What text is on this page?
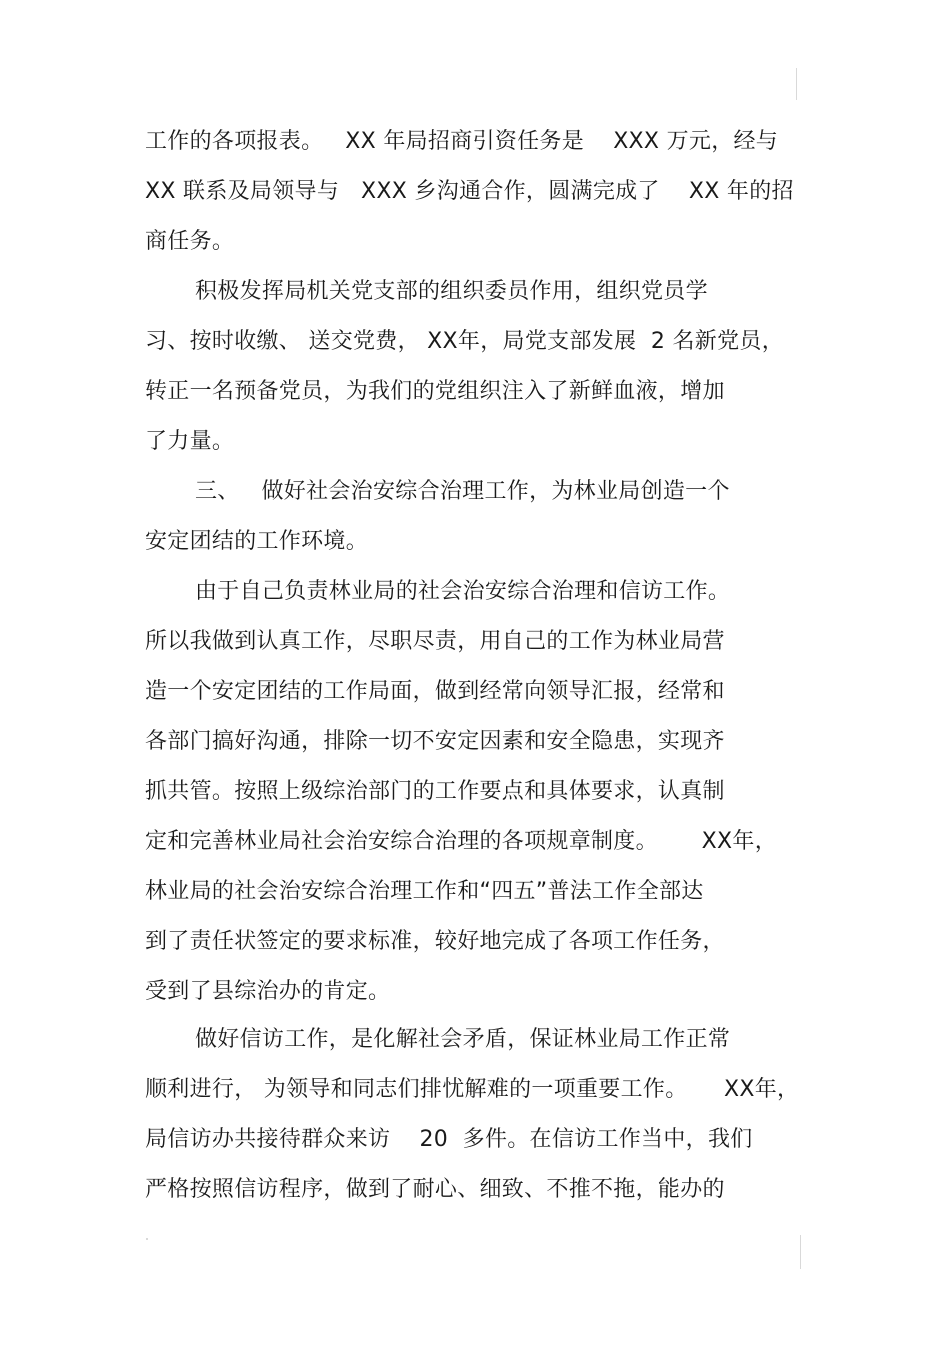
工作的各项报表。   XX 年局招商引资任务是    XXX 万元，经与
XX 联系及局领导与   XXX 乡沟通合作，圆满完成了    XX 年的招
商任务。
积极发挥局机关党支部的组织委员作用，组织党员学
习、按时收缴、 送交党费， XX年，局党支部发展  2 名新党员，
转正一名预备党员，为我们的党组织注入了新鲜血液，增加
了力量。
三、   做好社会治安综合治理工作，为林业局创造一个
安定团结的工作环境。
由于自己负责林业局的社会治安综合治理和信访工作。
所以我做到认真工作，尽职尽责，用自己的工作为林业局营
造一个安定团结的工作局面，做到经常向领导汇报，经常和
各部门搞好沟通，排除一切不安定因素和安全隐患，实现齐
抓共管。按照上级综治部门的工作要点和具体要求，认真制
定和完善林业局社会治安综合治理的各项规章制度。      XX年，
林业局的社会治安综合治理工作和“四五”普法工作全部达
到了责任状签定的要求标准，较好地完成了各项工作任务，
受到了县综治办的肯定。
做好信访工作，是化解社会矛盾，保证林业局工作正常
顺利进行， 为领导和同志们排忧解难的一项重要工作。     XX年，
局信访办共接待群众来访    20  多件。在信访工作当中，我们
严格按照信访程序，做到了耐心、细致、不推不拖，能办的
